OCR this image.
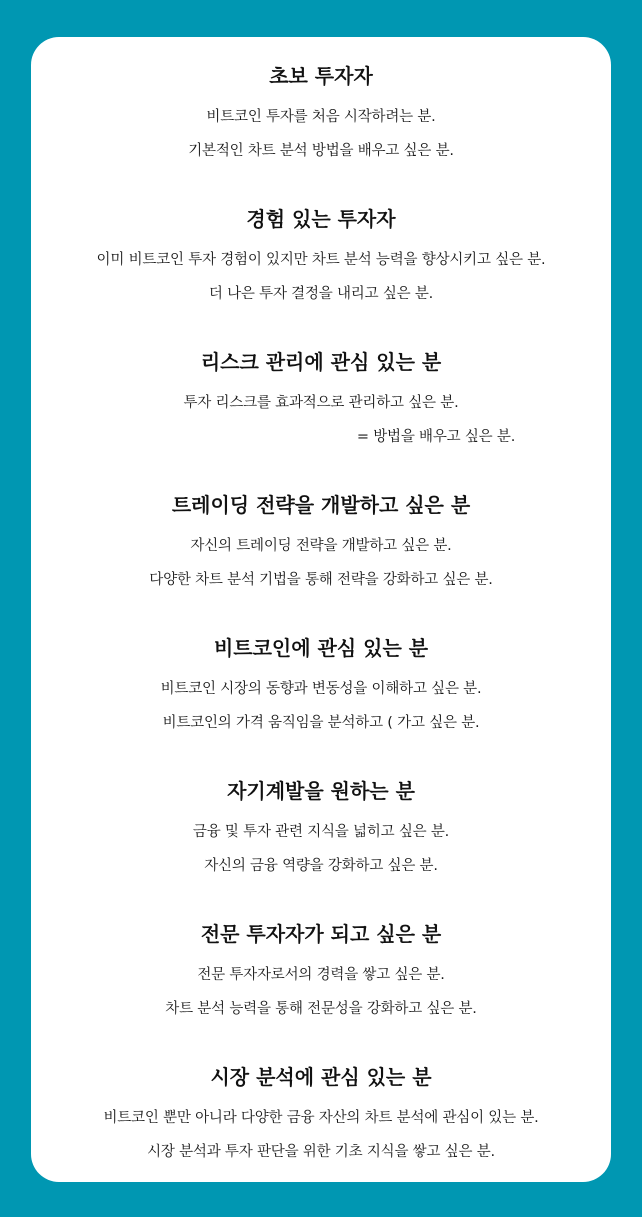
초보 투자자

비트코인 투자를 처음 시작하려는 분.

기본적인 차트 분석 방법을 배우고 싶은 분.

경험 있는 투자자

이미 비트코인 투자 경험이 있지만 차트 분석 능력을 향상시키고 싶은 분.

더 나은 투자 결정을 내리고 싶은 분.

리스크 관리에 관심 있는 분

투자 리스크를 효과적으로 관리하고 싶은 분.

= 방법을 배우고 싶은 분.

트레이딩 전략을 개발하고 싶은 분

자신의 트레이딩 전략을 개발하고 싶은 분.

다양한 차트 분석 기법을 통해 전략을 강화하고 싶은 분.

비트코인에 관심 있는 분

비트코인 시장의 동향과 변동성을 이해하고 싶은 분.

비트코인의 가격 움직임을 분석하고 ( 가고 싶은 분.

자기계발을 원하는 분

금융 및 투자 관련 지식을 넓히고 싶은 분.

자신의 금융 역량을 강화하고 싶은 분.

전문 투자자가 되고 싶은 분

전문 투자자로서의 경력을 쌓고 싶은 분.

차트 분석 능력을 통해 전문성을 강화하고 싶은 분.

시장 분석에 관심 있는 분

비트코인 뿐만 아니라 다양한 금융 자산의 차트 분석에 관심이 있는 분.

시장 분석과 투자 판단을 위한 기초 지식을 쌓고 싶은 분.
